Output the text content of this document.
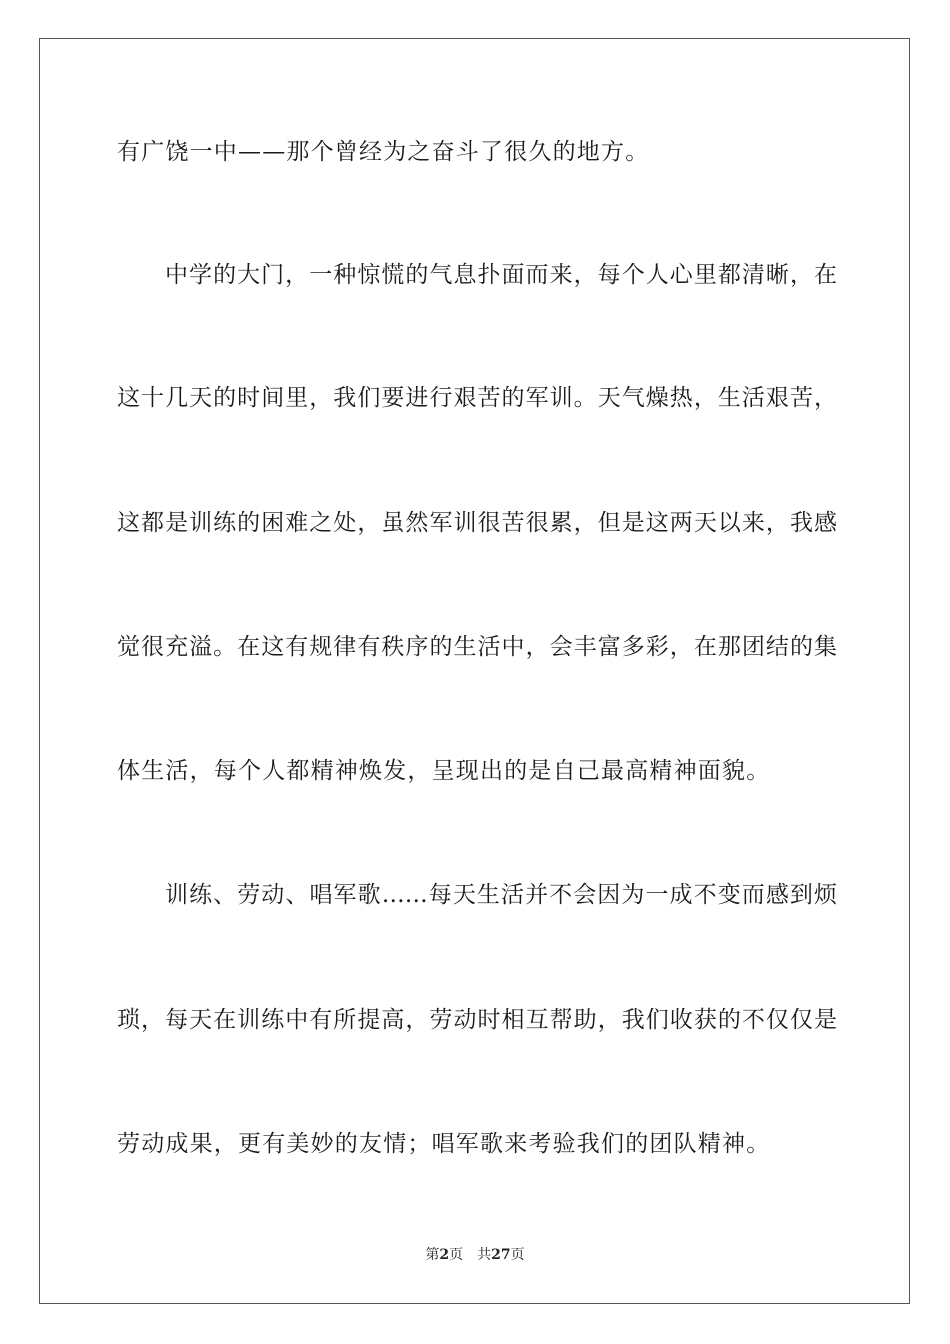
有广饶一中——那个曾经为之奋斗了很久的地方。
中学的大门，一种惊慌的气息扑面而来，每个人心里都清晰，在
这十几天的时间里，我们要进行艰苦的军训。天气燥热，生活艰苦，
这都是训练的困难之处，虽然军训很苦很累，但是这两天以来，我感
觉很充溢。在这有规律有秩序的生活中，会丰富多彩，在那团结的集
体生活，每个人都精神焕发，呈现出的是自己最高精神面貌。
训练、劳动、唱军歌……每天生活并不会因为一成不变而感到烦
琐，每天在训练中有所提高，劳动时相互帮助，我们收获的不仅仅是
劳动成果，更有美妙的友情；唱军歌来考验我们的团队精神。
第2页 共27页
